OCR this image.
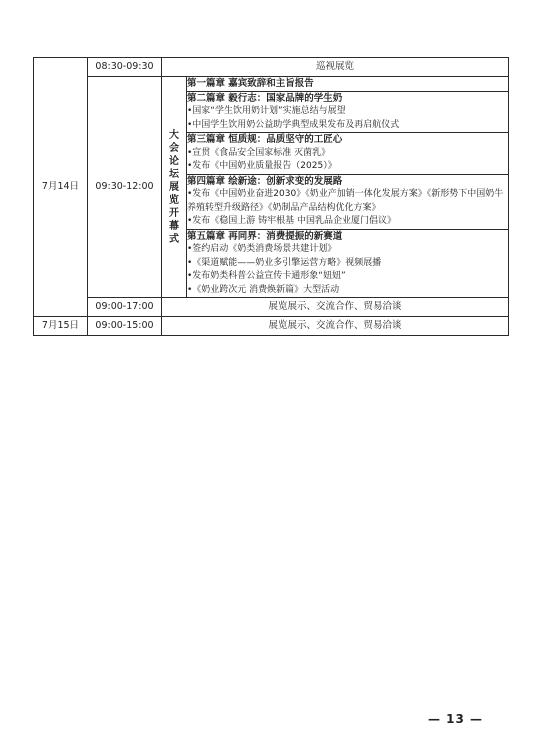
7月14日	08:30-09:30	巡视展览	
	09:30-12:00	大会论坛展览开幕式	第一篇章 嘉宾致辞和主旨报告

			第二篇章 毅行志：国家品牌的学生奶
•国家“学生饮用奶计划”实施总结与展望
•中国学生饮用奶公益助学典型成果发布及再启航仪式

			第三篇章 恒质规：品质坚守的工匠心
•宣贯《食品安全国家标准 灭菌乳》
•发布《中国奶业质量报告（2025）》

			第四篇章 绘新途：创新求变的发展路
•发布《中国奶业奋进2030》《奶业产加销一体化发展方案》《新形势下中国奶牛养殖转型升级路径》《奶制品产品结构优化方案》
•发布《稳国上游 铸牢根基 中国乳品企业厦门倡议》

			第五篇章 再同界：消费提振的新赛道
•签约启动《奶类消费场景共建计划》
•《渠道赋能——奶业多引擎运营方略》视频展播
•发布奶类科普公益宣传卡通形象“妞妞”
•《奶业跨次元 消费焕新篇》大型活动

	09:00-17:00	展览展示、交流合作、贸易洽谈	
7月15日	09:00-15:00	展览展示、交流合作、贸易洽谈	
— 13 —
